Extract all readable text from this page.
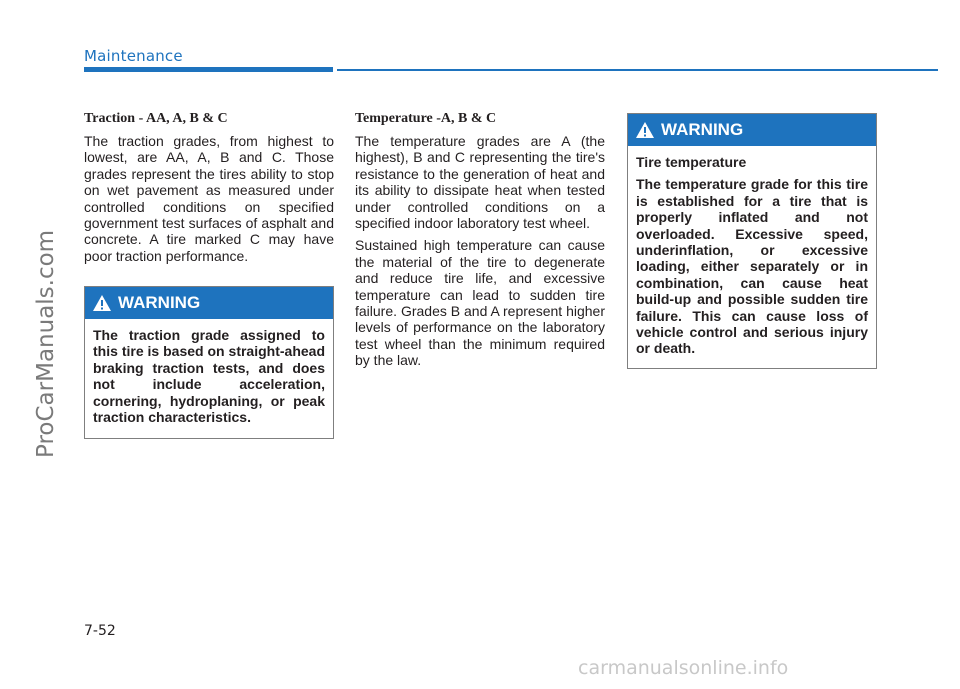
Maintenance
ProCarManuals.com

Traction - AA, A, B & C

The traction grades, from highest to lowest, are AA, A, B and C. Those grades represent the tires ability to stop on wet pavement as measured under controlled conditions on specified government test surfaces of asphalt and concrete. A tire marked C may have poor traction performance.

WARNING

The traction grade assigned to this tire is based on straight-ahead braking traction tests, and does not include acceleration, cornering, hydroplaning, or peak traction characteristics.

Temperature -A, B & C

The temperature grades are A (the highest), B and C representing the tire's resistance to the generation of heat and its ability to dissipate heat when tested under controlled conditions on a specified indoor laboratory test wheel.

Sustained high temperature can cause the material of the tire to degenerate and reduce tire life, and excessive temperature can lead to sudden tire failure. Grades B and A represent higher levels of performance on the laboratory test wheel than the minimum required by the law.

WARNING

Tire temperature

The temperature grade for this tire is established for a tire that is properly inflated and not overloaded. Excessive speed, underinflation, or excessive loading, either separately or in combination, can cause heat build-up and possible sudden tire failure. This can cause loss of vehicle control and serious injury or death.

7-52
carmanualsonline.info
